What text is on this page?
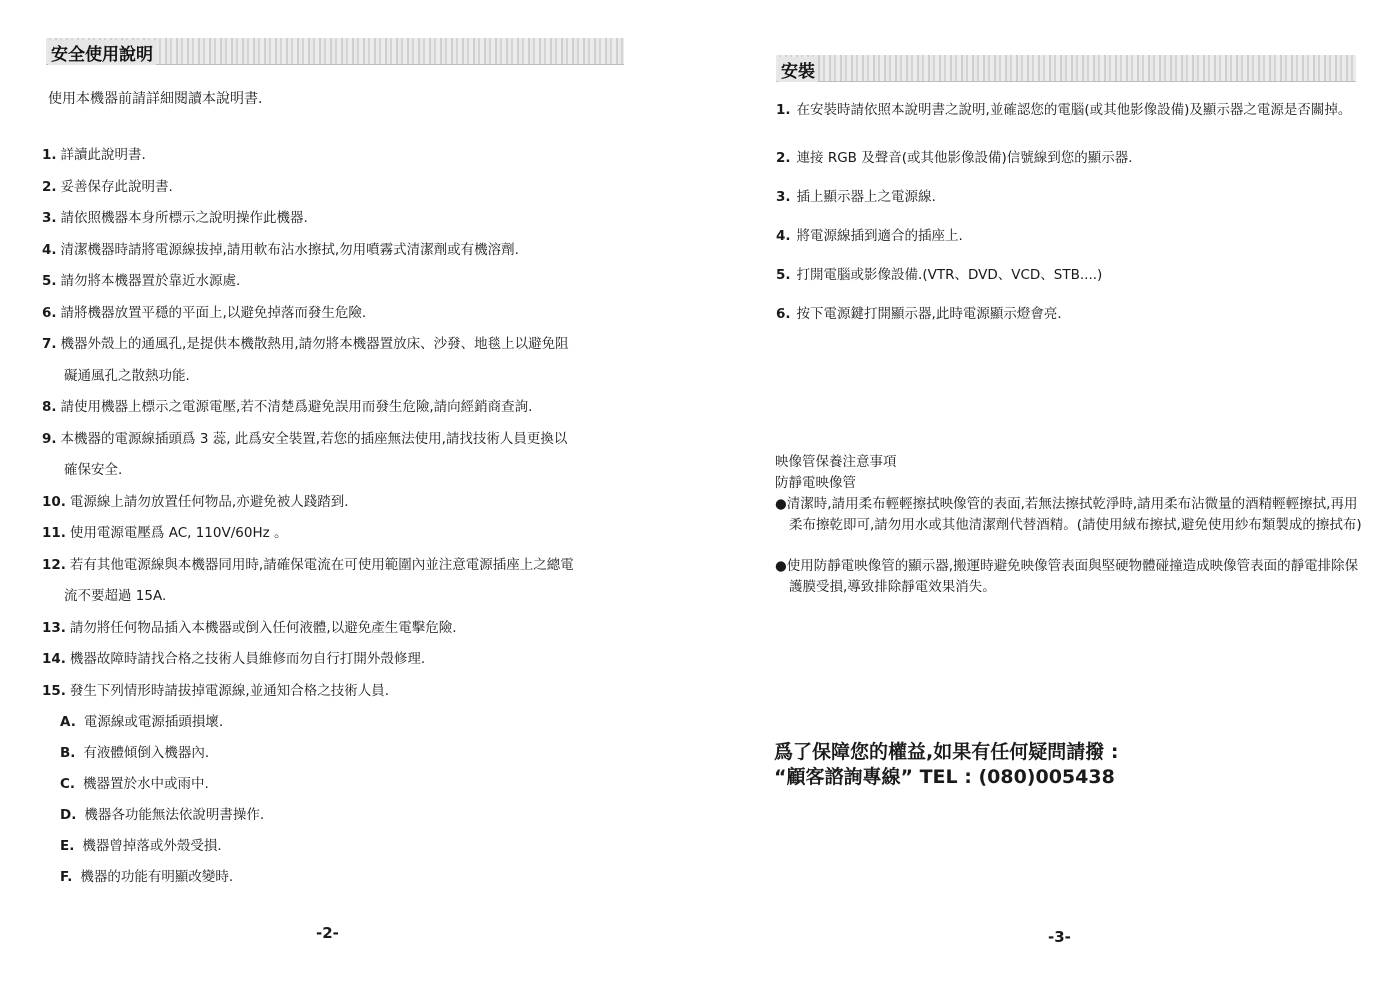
安全使用說明
使用本機器前請詳細閱讀本說明書.
1. 詳讀此說明書.
2. 妥善保存此說明書.
3. 請依照機器本身所標示之說明操作此機器.
4. 清潔機器時請將電源線拔掉,請用軟布沾水擦拭,勿用噴霧式清潔劑或有機溶劑.
5. 請勿將本機器置於靠近水源處.
6. 請將機器放置平穩的平面上,以避免掉落而發生危險.
7. 機器外殼上的通風孔,是提供本機散熱用,請勿將本機器置放床、沙發、地毯上以避免阻
礙通風孔之散熱功能.
8. 請使用機器上標示之電源電壓,若不清楚爲避免誤用而發生危險,請向經銷商查詢.
9. 本機器的電源線插頭爲 3 蕊, 此爲安全裝置,若您的插座無法使用,請找技術人員更換以
確保安全.
10. 電源線上請勿放置任何物品,亦避免被人踐踏到.
11. 使用電源電壓爲 AC, 110V/60Hz 。
12. 若有其他電源線與本機器同用時,請確保電流在可使用範圍內並注意電源插座上之總電
流不要超過 15A.
13. 請勿將任何物品插入本機器或倒入任何液體,以避免產生電擊危險.
14. 機器故障時請找合格之技術人員維修而勿自行打開外殼修理.
15. 發生下列情形時請拔掉電源線,並通知合格之技術人員.
A. 電源線或電源插頭損壞.
B. 有液體傾倒入機器內.
C. 機器置於水中或雨中.
D. 機器各功能無法依說明書操作.
E. 機器曾掉落或外殼受損.
F. 機器的功能有明顯改變時.
-2-
安裝
1. 在安裝時請依照本說明書之說明,並確認您的電腦(或其他影像設備)及顯示器之電源是否關掉。
2. 連接 RGB 及聲音(或其他影像設備)信號線到您的顯示器.
3. 插上顯示器上之電源線.
4. 將電源線插到適合的插座上.
5. 打開電腦或影像設備.(VTR、DVD、VCD、STB....)
6. 按下電源鍵打開顯示器,此時電源顯示燈會亮.

映像管保養注意事項

防靜電映像管

●清潔時,請用柔布輕輕擦拭映像管的表面,若無法擦拭乾淨時,請用柔布沾微量的酒精輕輕擦拭,再用柔布擦乾即可,請勿用水或其他清潔劑代替酒精。(請使用絨布擦拭,避免使用紗布類製成的擦拭布)

●使用防靜電映像管的顯示器,搬運時避免映像管表面與堅硬物體碰撞造成映像管表面的靜電排除保護膜受損,導致排除靜電效果消失。

爲了保障您的權益,如果有任何疑問請撥 :
“顧客諮詢專線” TEL : (080)005438
-3-
